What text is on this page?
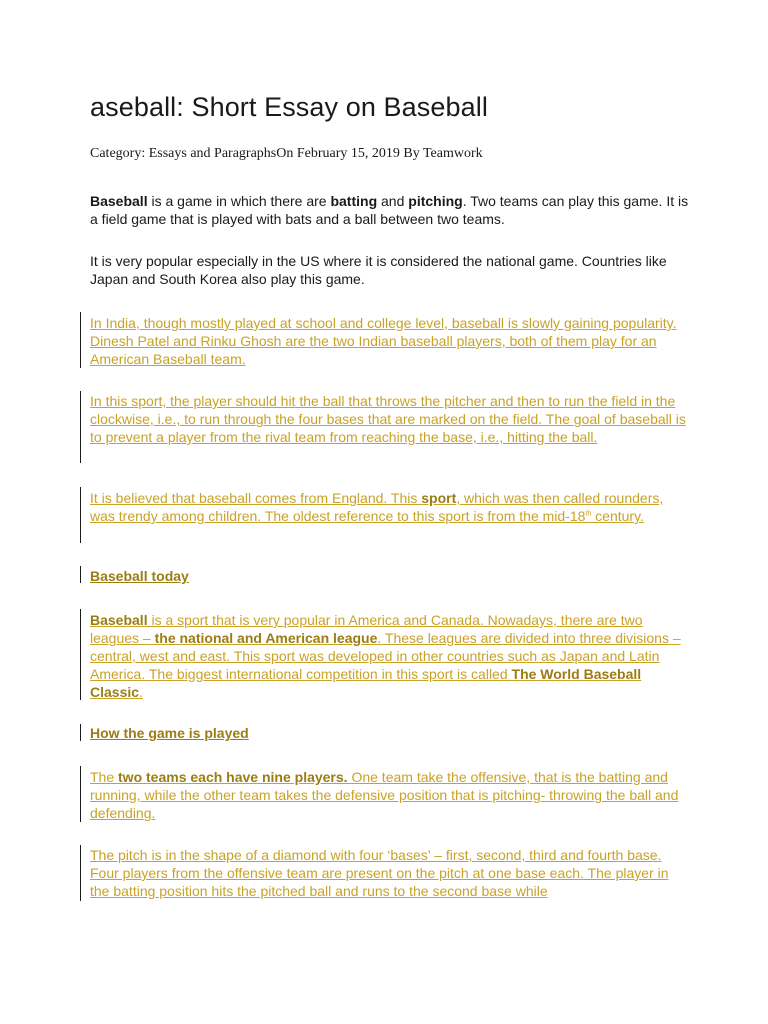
aseball: Short Essay on Baseball
Category: Essays and ParagraphsOn February 15, 2019 By Teamwork

Baseball is a game in which there are batting and pitching. Two teams can play this game. It is a field game that is played with bats and a ball between two teams.

It is very popular especially in the US where it is considered the national game. Countries like Japan and South Korea also play this game.

In India, though mostly played at school and college level, baseball is slowly gaining popularity. Dinesh Patel and Rinku Ghosh are the two Indian baseball players, both of them play for an American Baseball team.

In this sport, the player should hit the ball that throws the pitcher and then to run the field in the clockwise, i.e., to run through the four bases that are marked on the field. The goal of baseball is to prevent a player from the rival team from reaching the base, i.e., hitting the ball.

It is believed that baseball comes from England. This sport, which was then called rounders, was trendy among children. The oldest reference to this sport is from the mid-18th century.

Baseball today

Baseball is a sport that is very popular in America and Canada. Nowadays, there are two leagues – the national and American league. These leagues are divided into three divisions – central, west and east. This sport was developed in other countries such as Japan and Latin America. The biggest international competition in this sport is called The World Baseball Classic.

How the game is played

The two teams each have nine players. One team take the offensive, that is the batting and running, while the other team takes the defensive position that is pitching- throwing the ball and defending.

The pitch is in the shape of a diamond with four ‘bases’ – first, second, third and fourth base. Four players from the offensive team are present on the pitch at one base each. The player in the batting position hits the pitched ball and runs to the second base while
